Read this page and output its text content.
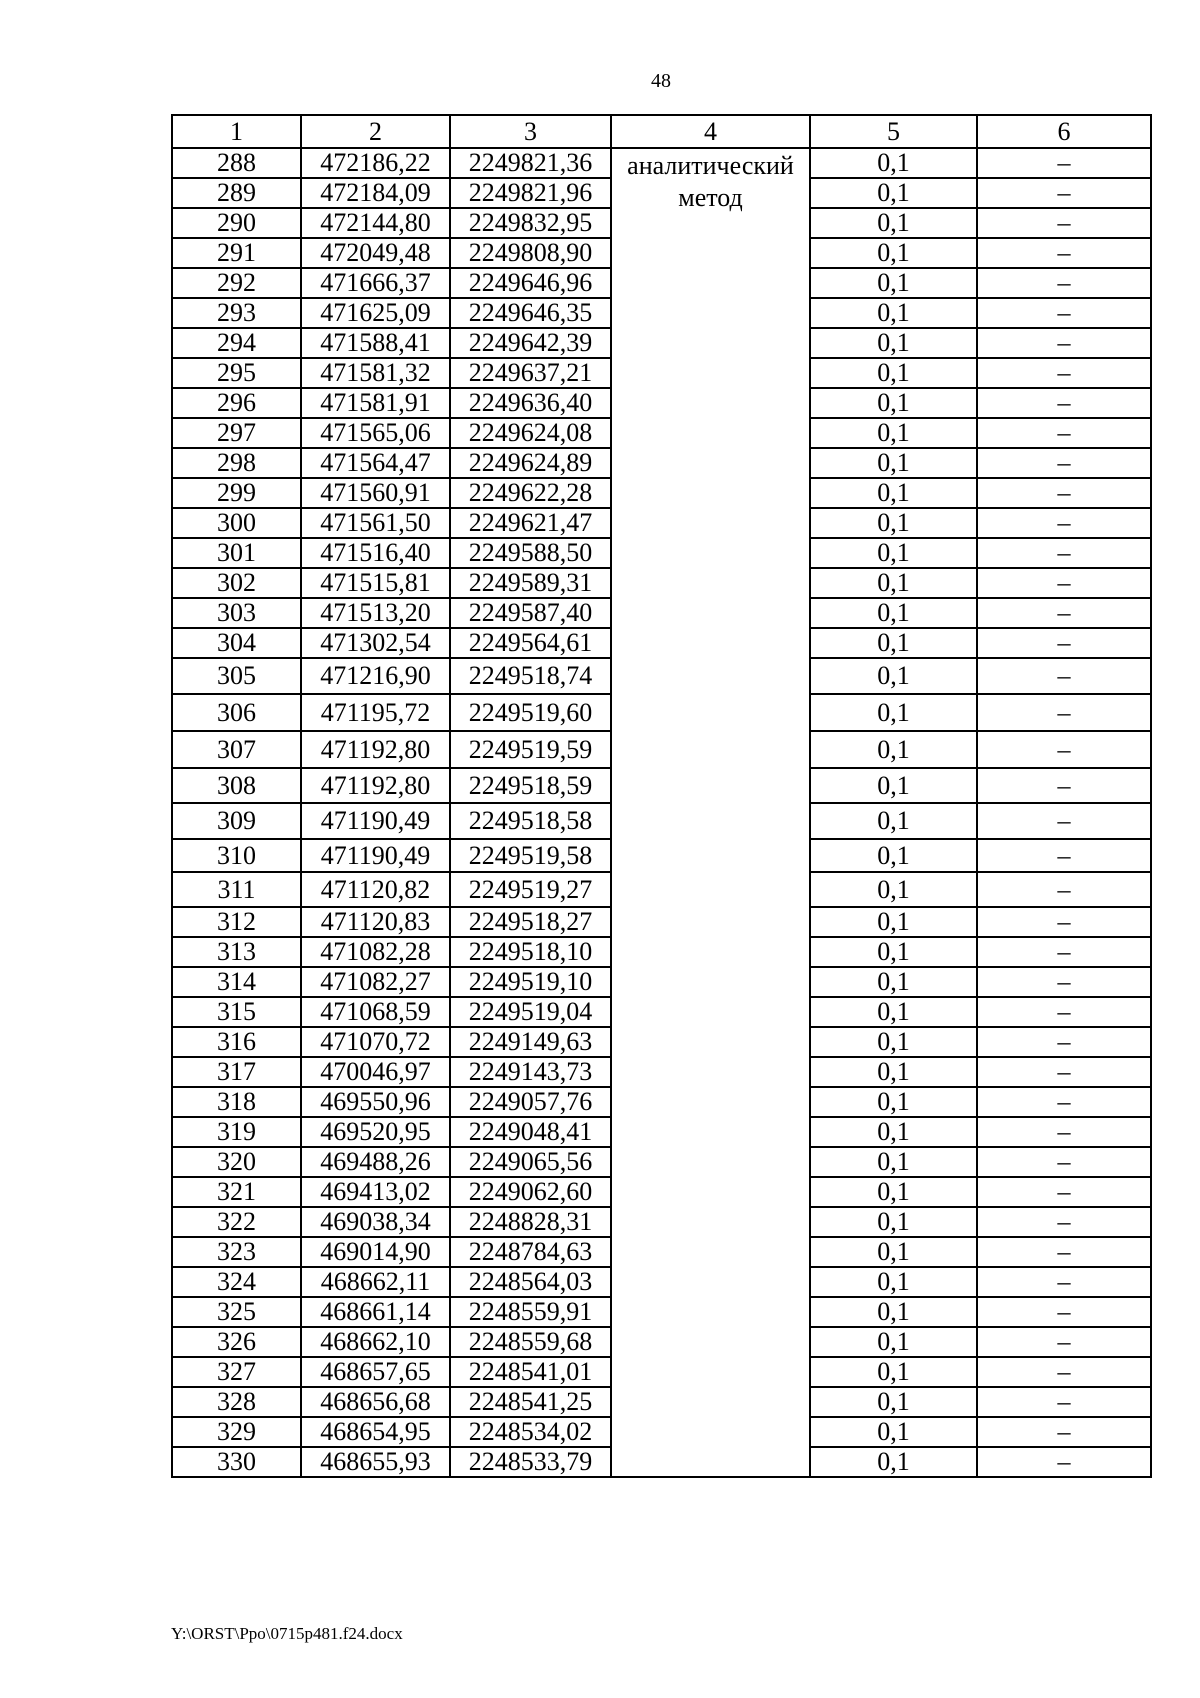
48
1	2	3	4	5	6
288	472186,22	2249821,36	аналитический метод	0,1	–
289	472184,09	2249821,96		0,1	–
290	472144,80	2249832,95		0,1	–
291	472049,48	2249808,90		0,1	–
292	471666,37	2249646,96		0,1	–
293	471625,09	2249646,35		0,1	–
294	471588,41	2249642,39		0,1	–
295	471581,32	2249637,21		0,1	–
296	471581,91	2249636,40		0,1	–
297	471565,06	2249624,08		0,1	–
298	471564,47	2249624,89		0,1	–
299	471560,91	2249622,28		0,1	–
300	471561,50	2249621,47		0,1	–
301	471516,40	2249588,50		0,1	–
302	471515,81	2249589,31		0,1	–
303	471513,20	2249587,40		0,1	–
304	471302,54	2249564,61		0,1	–
305	471216,90	2249518,74		0,1	–
306	471195,72	2249519,60		0,1	–
307	471192,80	2249519,59		0,1	–
308	471192,80	2249518,59		0,1	–
309	471190,49	2249518,58		0,1	–
310	471190,49	2249519,58		0,1	–
311	471120,82	2249519,27		0,1	–
312	471120,83	2249518,27		0,1	–
313	471082,28	2249518,10		0,1	–
314	471082,27	2249519,10		0,1	–
315	471068,59	2249519,04		0,1	–
316	471070,72	2249149,63		0,1	–
317	470046,97	2249143,73		0,1	–
318	469550,96	2249057,76		0,1	–
319	469520,95	2249048,41		0,1	–
320	469488,26	2249065,56		0,1	–
321	469413,02	2249062,60		0,1	–
322	469038,34	2248828,31		0,1	–
323	469014,90	2248784,63		0,1	–
324	468662,11	2248564,03		0,1	–
325	468661,14	2248559,91		0,1	–
326	468662,10	2248559,68		0,1	–
327	468657,65	2248541,01		0,1	–
328	468656,68	2248541,25		0,1	–
329	468654,95	2248534,02		0,1	–
330	468655,93	2248533,79		0,1	–
Y:\ORST\Ppo\0715p481.f24.docx
